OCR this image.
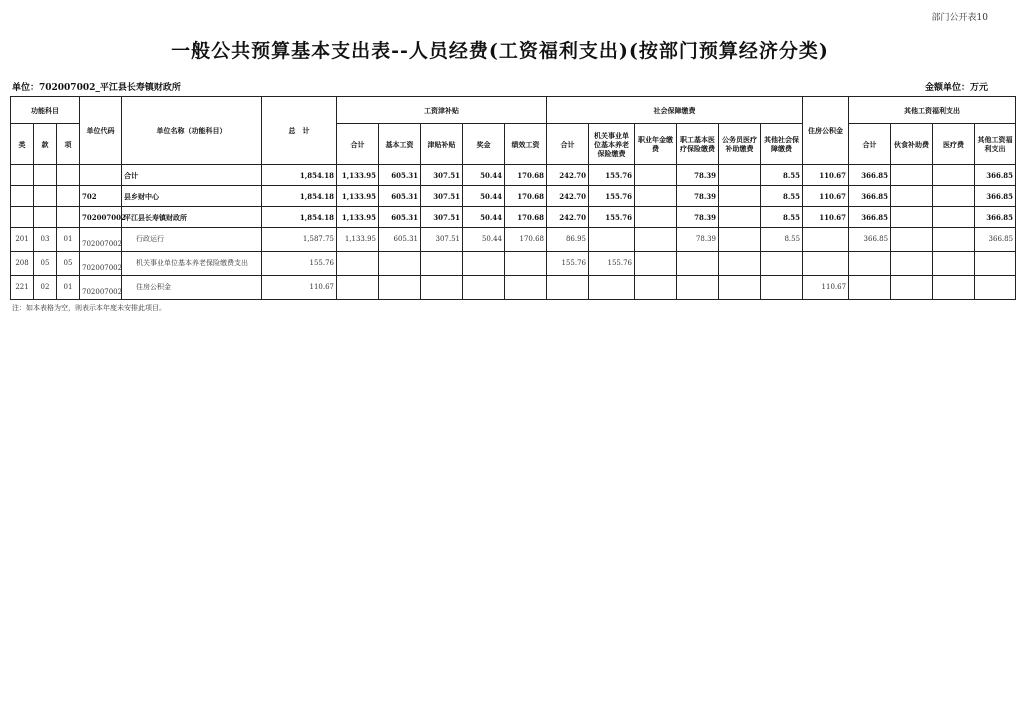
部门公开表10
一般公共预算基本支出表--人员经费(工资福利支出)(按部门预算经济分类)
单位：702007002_平江县长寿镇财政所	金额单位：万元
功能科目			单位代码	单位名称（功能科目）	总　计	工资津补贴					社会保障缴费						住房公积金	其他工资福利支出			
类	款	项				合计	基本工资	津贴补贴	奖金	绩效工资	合计	机关事业单位基本养老保险缴费	职业年金缴费	职工基本医疗保险缴费	公务员医疗补助缴费	其他社会保障缴费		合计	伙食补助费	医疗费	其他工资福利支出
				合计	1,854.18	1,133.95	605.31	307.51	50.44	170.68	242.70	155.76		78.39		8.55	110.67	366.85			366.85
			702	县乡财中心	1,854.18	1,133.95	605.31	307.51	50.44	170.68	242.70	155.76		78.39		8.55	110.67	366.85			366.85
			702007002	平江县长寿镇财政所	1,854.18	1,133.95	605.31	307.51	50.44	170.68	242.70	155.76		78.39		8.55	110.67	366.85			366.85
201	03	01	702007002	行政运行	1,587.75	1,133.95	605.31	307.51	50.44	170.68	86.95			78.39		8.55		366.85			366.85
208	05	05	702007002	机关事业单位基本养老保险缴费支出	155.76						155.76	155.76									
221	02	01	702007002	住房公积金	110.67												110.67				
注：如本表格为空，则表示本年度未安排此项目。
